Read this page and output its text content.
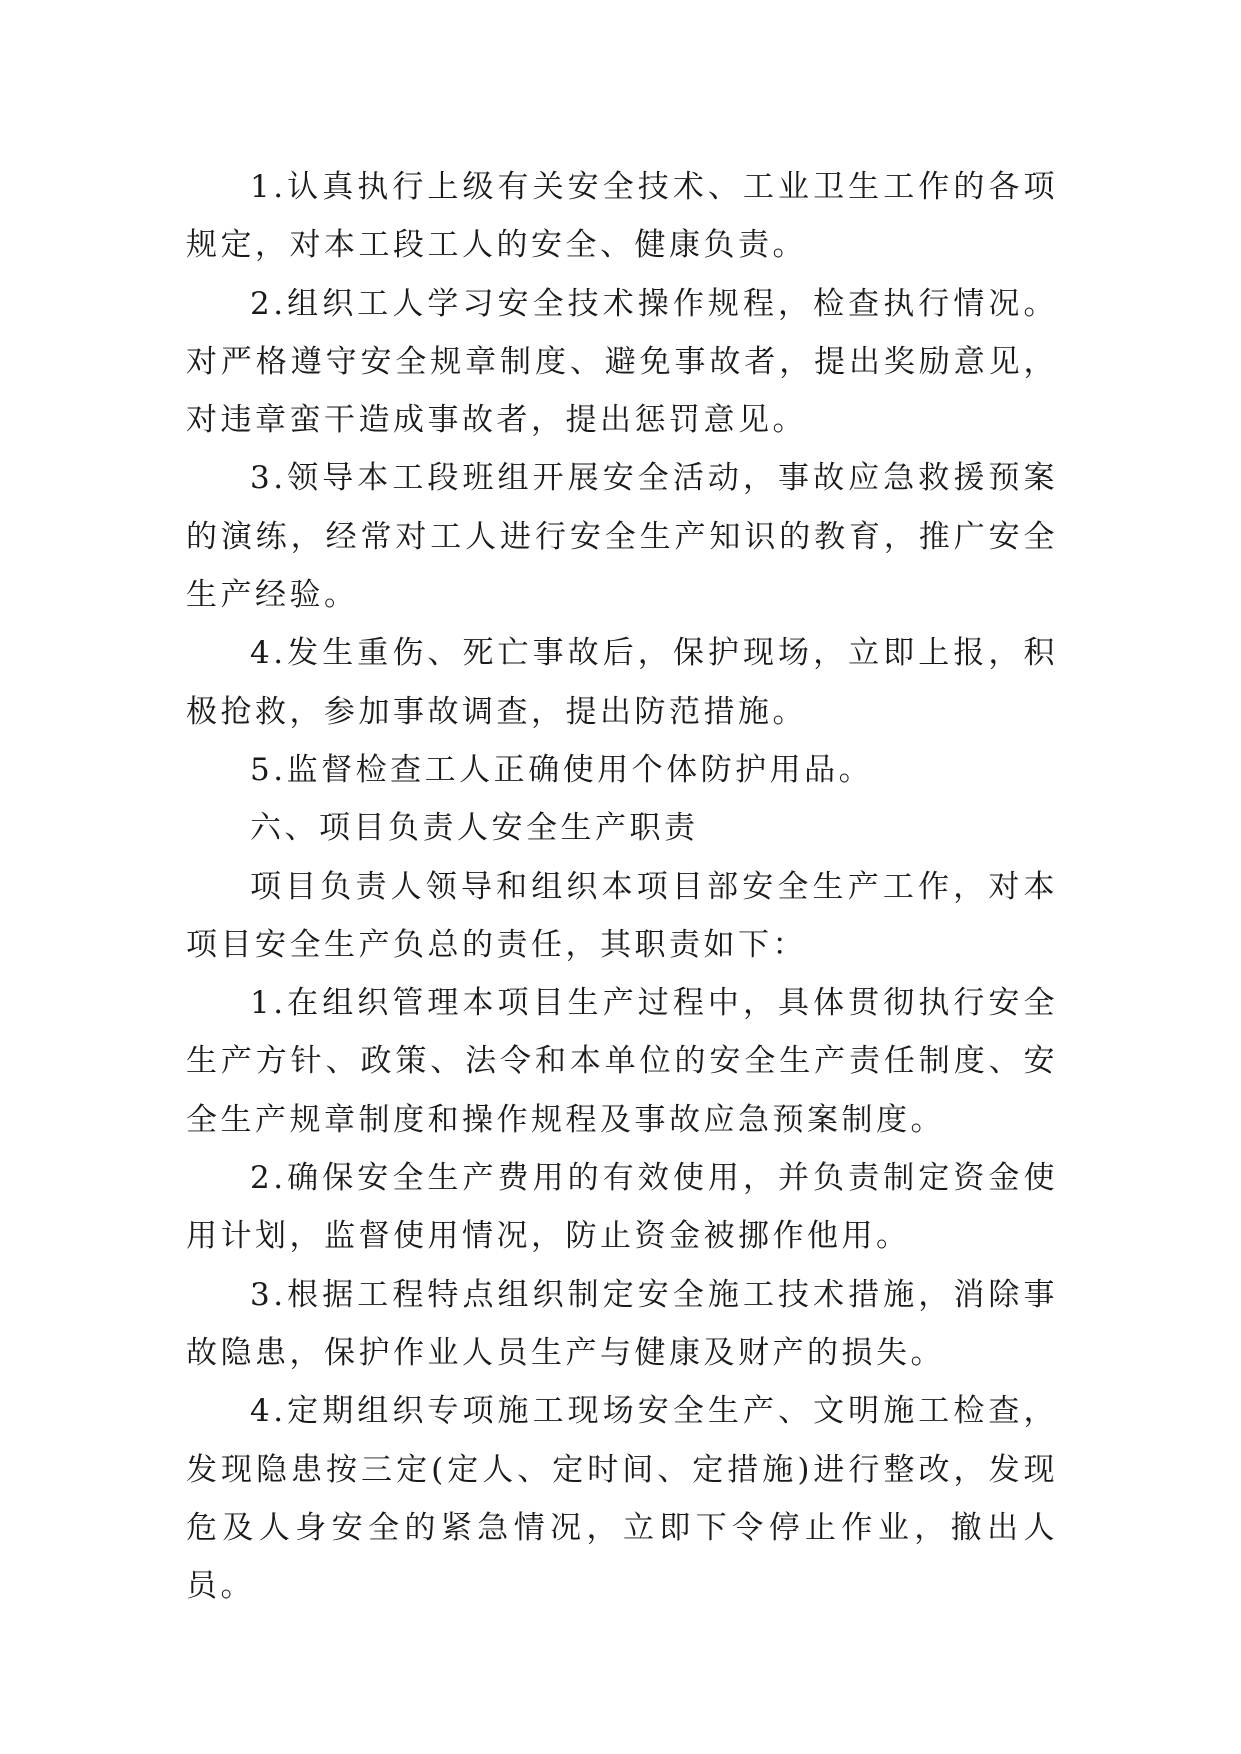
1.认真执行上级有关安全技术、工业卫生工作的各项规定，对本工段工人的安全、健康负责。

2.组织工人学习安全技术操作规程，检查执行情况。对严格遵守安全规章制度、避免事故者，提出奖励意见，对违章蛮干造成事故者，提出惩罚意见。

3.领导本工段班组开展安全活动，事故应急救援预案的演练，经常对工人进行安全生产知识的教育，推广安全生产经验。

4.发生重伤、死亡事故后，保护现场，立即上报，积极抢救，参加事故调查，提出防范措施。

5.监督检查工人正确使用个体防护用品。

六、项目负责人安全生产职责

项目负责人领导和组织本项目部安全生产工作，对本项目安全生产负总的责任，其职责如下：

1.在组织管理本项目生产过程中，具体贯彻执行安全生产方针、政策、法令和本单位的安全生产责任制度、安全生产规章制度和操作规程及事故应急预案制度。

2.确保安全生产费用的有效使用，并负责制定资金使用计划，监督使用情况，防止资金被挪作他用。

3.根据工程特点组织制定安全施工技术措施，消除事故隐患，保护作业人员生产与健康及财产的损失。

4.定期组织专项施工现场安全生产、文明施工检查，发现隐患按三定(定人、定时间、定措施)进行整改，发现危及人身安全的紧急情况，立即下令停止作业，撤出人员。
